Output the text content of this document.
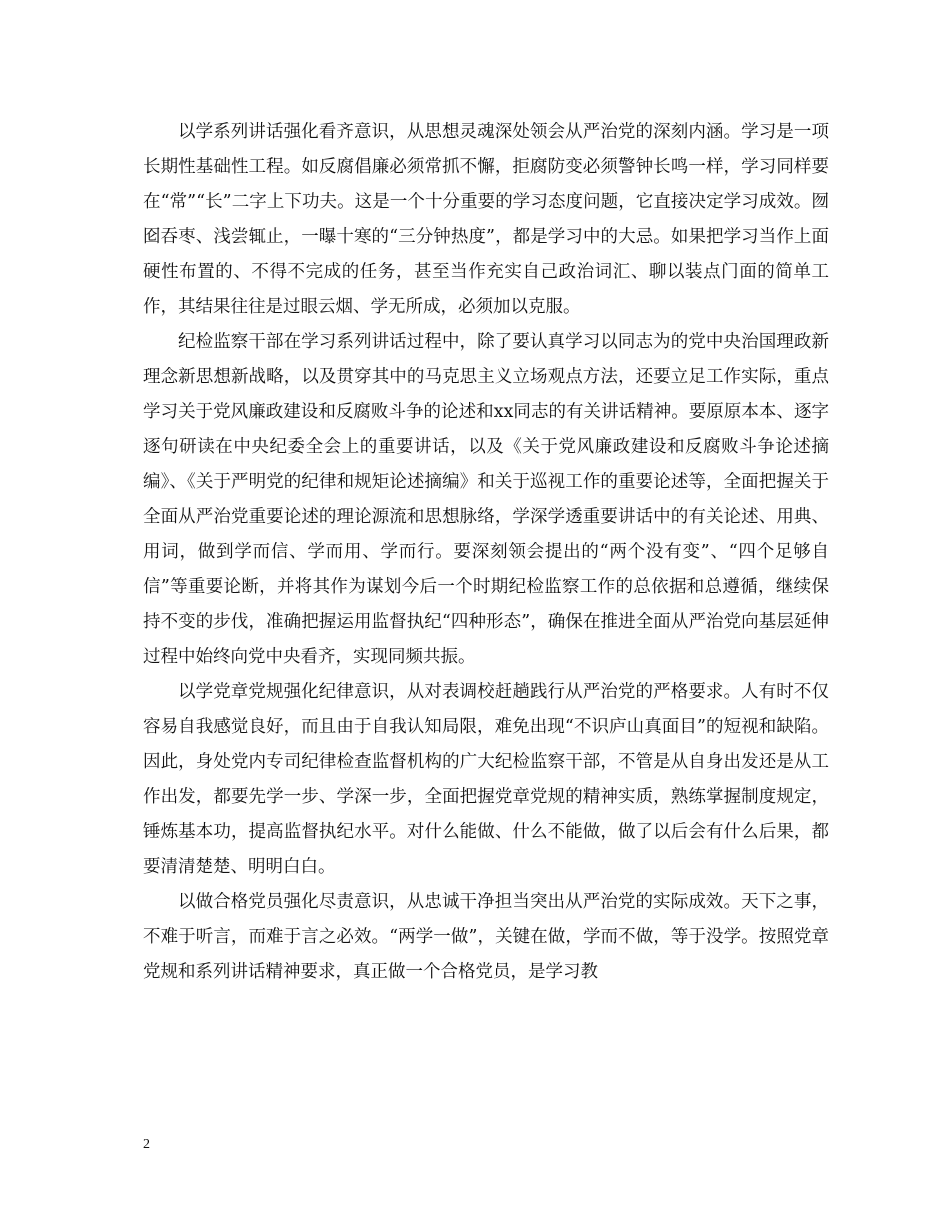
以学系列讲话强化看齐意识，从思想灵魂深处领会从严治党的深刻内涵。学习是一项长期性基础性工程。如反腐倡廉必须常抓不懈，拒腐防变必须警钟长鸣一样，学习同样要在“常”“长”二字上下功夫。这是一个十分重要的学习态度问题，它直接决定学习成效。囫囵吞枣、浅尝辄止，一曝十寒的“三分钟热度”，都是学习中的大忌。如果把学习当作上面硬性布置的、不得不完成的任务，甚至当作充实自己政治词汇、聊以装点门面的简单工作，其结果往往是过眼云烟、学无所成，必须加以克服。

纪检监察干部在学习系列讲话过程中，除了要认真学习以同志为的党中央治国理政新理念新思想新战略，以及贯穿其中的马克思主义立场观点方法，还要立足工作实际，重点学习关于党风廉政建设和反腐败斗争的论述和xx同志的有关讲话精神。要原原本本、逐字逐句研读在中央纪委全会上的重要讲话，以及《关于党风廉政建设和反腐败斗争论述摘编》、《关于严明党的纪律和规矩论述摘编》和关于巡视工作的重要论述等，全面把握关于全面从严治党重要论述的理论源流和思想脉络，学深学透重要讲话中的有关论述、用典、用词，做到学而信、学而用、学而行。要深刻领会提出的“两个没有变”、“四个足够自信”等重要论断，并将其作为谋划今后一个时期纪检监察工作的总依据和总遵循，继续保持不变的步伐，准确把握运用监督执纪“四种形态”，确保在推进全面从严治党向基层延伸过程中始终向党中央看齐，实现同频共振。

以学党章党规强化纪律意识，从对表调校赶趟践行从严治党的严格要求。人有时不仅容易自我感觉良好，而且由于自我认知局限，难免出现“不识庐山真面目”的短视和缺陷。因此，身处党内专司纪律检查监督机构的广大纪检监察干部，不管是从自身出发还是从工作出发，都要先学一步、学深一步，全面把握党章党规的精神实质，熟练掌握制度规定，锤炼基本功，提高监督执纪水平。对什么能做、什么不能做，做了以后会有什么后果，都要清清楚楚、明明白白。

以做合格党员强化尽责意识，从忠诚干净担当突出从严治党的实际成效。天下之事，不难于听言，而难于言之必效。“两学一做”，关键在做，学而不做，等于没学。按照党章党规和系列讲话精神要求，真正做一个合格党员，是学习教

2
